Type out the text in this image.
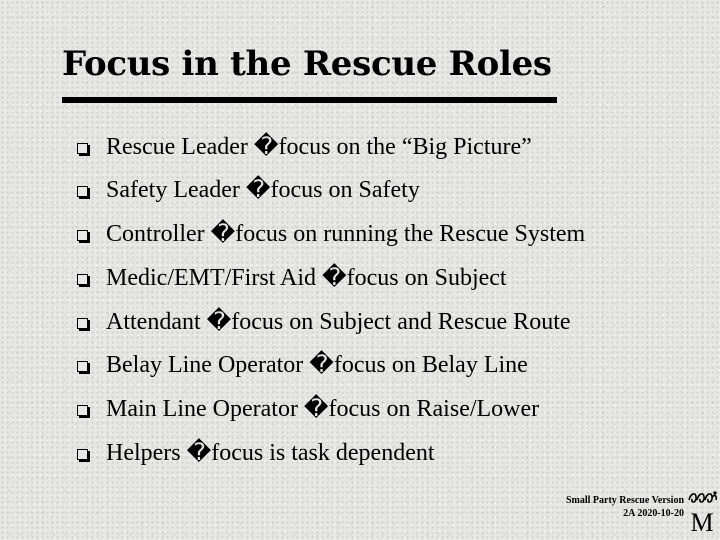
Focus in the Rescue Roles
Rescue Leader �focus on the “Big Picture”
Safety Leader �focus on Safety
Controller �focus on running the Rescue System
Medic/EMT/First Aid �focus on Subject
Attendant �focus on Subject and Rescue Route
Belay Line Operator �focus on Belay Line
Main Line Operator �focus on Raise/Lower
Helpers �focus is task dependent
Small Party Rescue Version
2A 2020-10-20 M
